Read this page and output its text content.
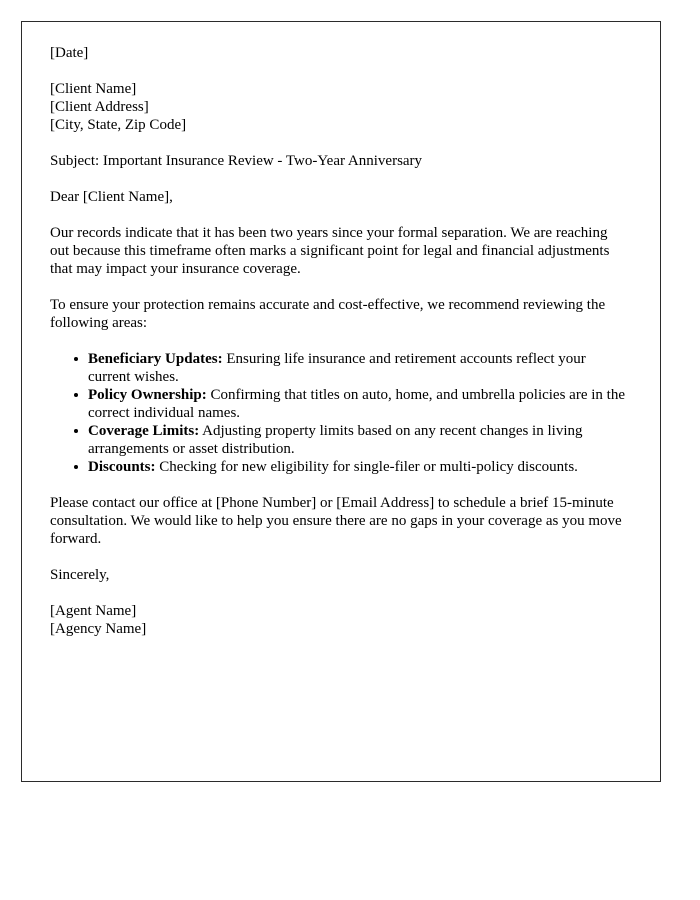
[Date]
[Client Name]
[Client Address]
[City, State, Zip Code]

Subject: Important Insurance Review - Two-Year Anniversary

Dear [Client Name],

Our records indicate that it has been two years since your formal separation. We are reaching out because this timeframe often marks a significant point for legal and financial adjustments that may impact your insurance coverage.

To ensure your protection remains accurate and cost-effective, we recommend reviewing the following areas:

Beneficiary Updates: Ensuring life insurance and retirement accounts reflect your current wishes.
Policy Ownership: Confirming that titles on auto, home, and umbrella policies are in the correct individual names.
Coverage Limits: Adjusting property limits based on any recent changes in living arrangements or asset distribution.
Discounts: Checking for new eligibility for single-filer or multi-policy discounts.

Please contact our office at [Phone Number] or [Email Address] to schedule a brief 15-minute consultation. We would like to help you ensure there are no gaps in your coverage as you move forward.

Sincerely,

[Agent Name]
[Agency Name]
